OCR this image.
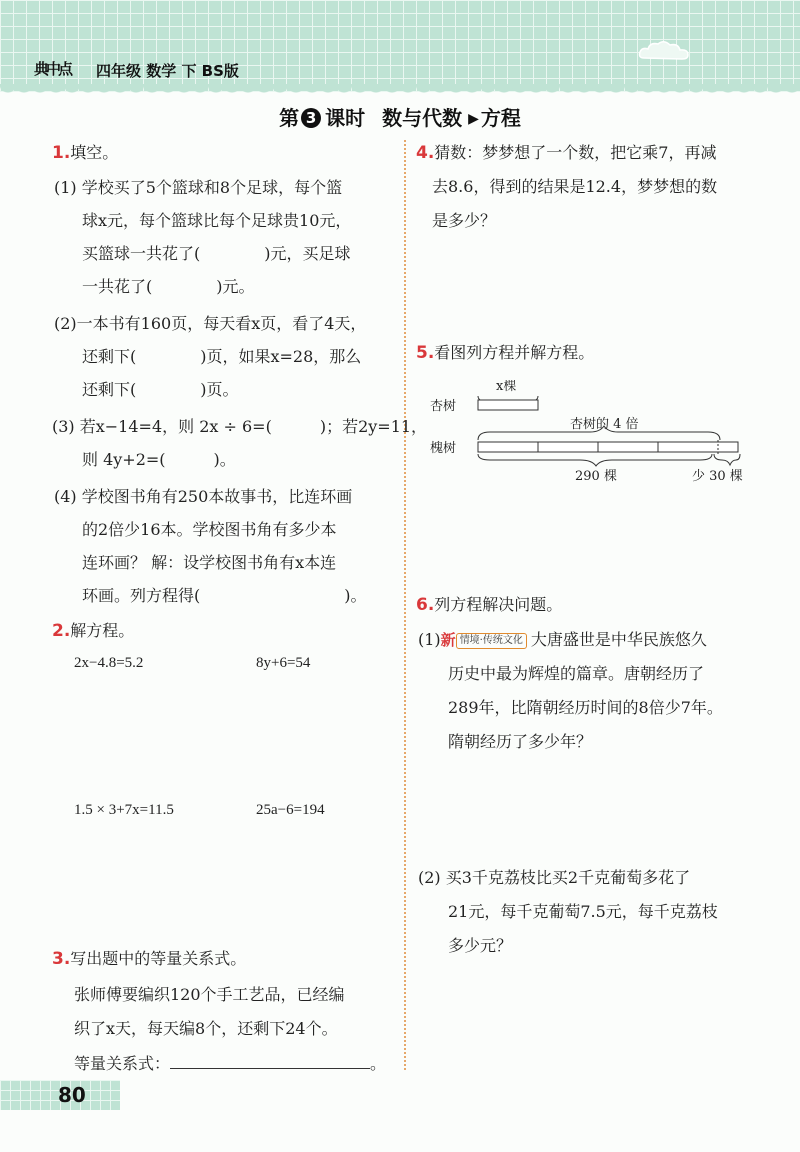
典中点	四年级 数学 下 BS版
第 3 课时 数与代数 ▶ 方程
1.填空。
(1) 学校买了5个篮球和8个足球，每个篮
球x元，每个篮球比每个足球贵10元，
买篮球一共花了(　　　　)元，买足球
一共花了(　　　　)元。
(2)一本书有160页，每天看x页，看了4天，
还剩下(　　　　)页，如果x=28，那么
还剩下(　　　　)页。
(3) 若x−14=4，则 2x ÷ 6=(　　　)；若2y=11，
则 4y+2=(　　　)。
(4) 学校图书角有250本故事书，比连环画
的2倍少16本。学校图书角有多少本
连环画？ 解：设学校图书角有x本连
环画。列方程得(　　　　　　　　　)。
2.解方程。
2x−4.8=5.2	8y+6=54
1.5 × 3+7x=11.5	25a−6=194
3.写出题中的等量关系式。
张师傅要编织120个手工艺品，已经编
织了x天，每天编8个，还剩下24个。
等量关系式：	。
4.猜数：梦梦想了一个数，把它乘7，再减
去8.6，得到的结果是12.4，梦梦想的数
是多少？
5.看图列方程并解方程。
x棵
杏树
杏树的 4 倍
槐树
290 棵	少 30 棵
6.列方程解决问题。
(1)新 情境·传统文化 大唐盛世是中华民族悠久
历史中最为辉煌的篇章。唐朝经历了
289年，比隋朝经历时间的8倍少7年。
隋朝经历了多少年？
(2) 买3千克荔枝比买2千克葡萄多花了
21元，每千克葡萄7.5元，每千克荔枝
多少元？
80
